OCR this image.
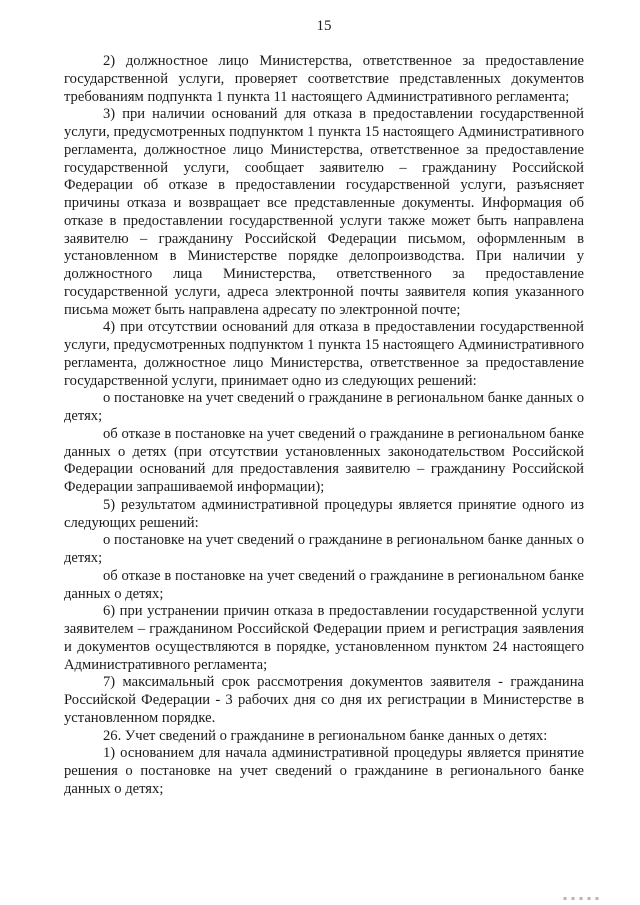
15

2) должностное лицо Министерства, ответственное за предоставление государственной услуги, проверяет соответствие представленных документов требованиям подпункта 1 пункта 11 настоящего Административного регламента;

3) при наличии оснований для отказа в предоставлении государственной услуги, предусмотренных подпунктом 1 пункта 15 настоящего Административного регламента, должностное лицо Министерства, ответственное за предоставление государственной услуги, сообщает заявителю – гражданину Российской Федерации об отказе в предоставлении государственной услуги, разъясняет причины отказа и возвращает все представленные документы. Информация об отказе в предоставлении государственной услуги также может быть направлена заявителю – гражданину Российской Федерации письмом, оформленным в установленном в Министерстве порядке делопроизводства. При наличии у должностного лица Министерства, ответственного за предоставление государственной услуги, адреса электронной почты заявителя копия указанного письма может быть направлена адресату по электронной почте;

4) при отсутствии оснований для отказа в предоставлении государственной услуги, предусмотренных подпунктом 1 пункта 15 настоящего Административного регламента, должностное лицо Министерства, ответственное за предоставление государственной услуги, принимает одно из следующих решений:

о постановке на учет сведений о гражданине в региональном банке данных о детях;

об отказе в постановке на учет сведений о гражданине в региональном банке данных о детях (при отсутствии установленных законодательством Российской Федерации оснований для предоставления заявителю – гражданину Российской Федерации запрашиваемой информации);

5) результатом административной процедуры является принятие одного из следующих решений:

о постановке на учет сведений о гражданине в региональном банке данных о детях;

об отказе в постановке на учет сведений о гражданине в региональном банке данных о детях;

6) при устранении причин отказа в предоставлении государственной услуги заявителем – гражданином Российской Федерации прием и регистрация заявления и документов осуществляются в порядке, установленном пунктом 24 настоящего Административного регламента;

7) максимальный срок рассмотрения документов заявителя - гражданина Российской Федерации - 3 рабочих дня со дня их регистрации в Министерстве в установленном порядке.

26. Учет сведений о гражданине в региональном банке данных о детях:

1) основанием для начала административной процедуры является принятие решения о постановке на учет сведений о гражданине в регионального банке данных о детях;

▪ ▪ ▪ ▪ ▪
